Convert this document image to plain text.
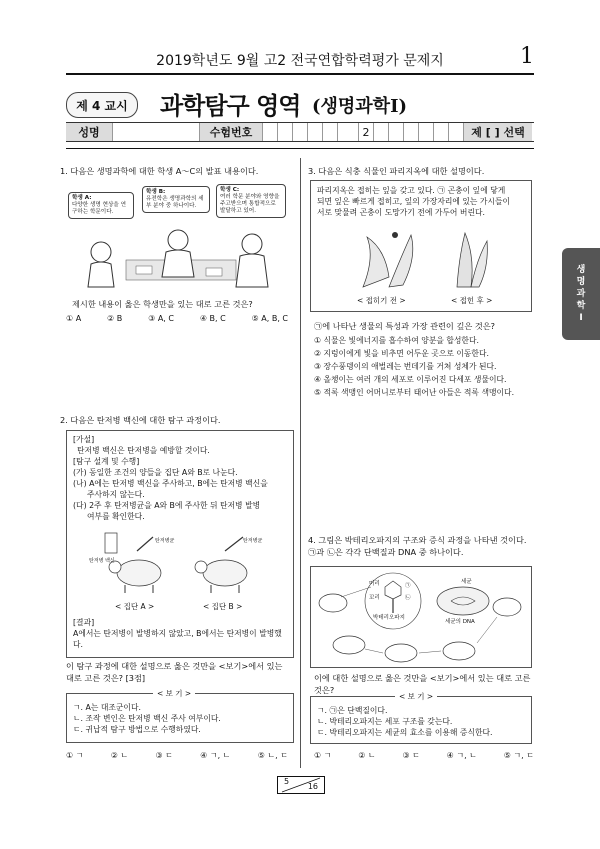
2019학년도 9월 고2 전국연합학력평가 문제지	1
제 4 교시	과학탐구 영역 (생명과학Ⅰ)
성명	수험번호	2	제 [ ] 선택
생
명
과
학
Ⅰ
1. 다음은 생명과학에 대한 학생 A～C의 발표 내용이다.
학생 A:
다양한 생명 현상을 연구하는 학문이다.
학생 B:
유전학은 생명과학의 세부 분야 중 하나이다.
학생 C:
여러 학문 분야와 영향을 주고받으며 통합적으로 발달하고 있어.
제시한 내용이 옳은 학생만을 있는 대로 고른 것은?
① A	② B	③ A, C	④ B, C	⑤ A, B, C
2. 다음은 탄저병 백신에 대한 탐구 과정이다.
[가설]
탄저병 백신은 탄저병을 예방할 것이다.
[탐구 설계 및 수행]
(가) 동일한 조건의 양들을 집단 A와 B로 나눈다.
(나) A에는 탄저병 백신을 주사하고, B에는 탄저병 백신을
주사하지 않는다.
(다) 2주 후 탄저병균을 A와 B에 주사한 뒤 탄저병 발병
여부를 확인한다.
탄저병 백신
탄저병균	탄저병균
< 집단 A >	< 집단 B >
[결과]
A에서는 탄저병이 발병하지 않았고, B에서는 탄저병이 발병했다.
이 탐구 과정에 대한 설명으로 옳은 것만을 <보기>에서 있는 대로 고른 것은? [3점]
< 보 기 >
ㄱ. A는 대조군이다.
ㄴ. 조작 변인은 탄저병 백신 주사 여부이다.
ㄷ. 귀납적 탐구 방법으로 수행하였다.
① ㄱ	② ㄴ	③ ㄷ	④ ㄱ, ㄴ	⑤ ㄴ, ㄷ
3. 다음은 식충 식물인 파리지옥에 대한 설명이다.
파리지옥은 접히는 잎을 갖고 있다. ㉠ 곤충이 잎에 닿게
되면 잎은 빠르게 접히고, 잎의 가장자리에 있는 가시들이
서로 맞물려 곤충이 도망가기 전에 가두어 버린다.
< 접히기 전 >	< 접힌 후 >
㉠에 나타난 생물의 특성과 가장 관련이 깊은 것은?
① 식물은 빛에너지를 흡수하여 양분을 합성한다.
② 지렁이에게 빛을 비추면 어두운 곳으로 이동한다.
③ 장수풍뎅이의 애벌레는 번데기를 거쳐 성체가 된다.
④ 올챙이는 여러 개의 세포로 이루어진 다세포 생물이다.
⑤ 적록 색맹인 어머니로부터 태어난 아들은 적록 색맹이다.
4. 그림은 박테리오파지의 구조와 증식 과정을 나타낸 것이다. ㉠과 ㉡은 각각 단백질과 DNA 중 하나이다.
머리
꼬리
㉠
㉡
박테리오파지
세균
세균의 DNA
이에 대한 설명으로 옳은 것만을 <보기>에서 있는 대로 고른 것은?
< 보 기 >
ㄱ. ㉠은 단백질이다.
ㄴ. 박테리오파지는 세포 구조를 갖는다.
ㄷ. 박테리오파지는 세균의 효소를 이용해 증식한다.
① ㄱ	② ㄴ	③ ㄷ	④ ㄱ, ㄴ	⑤ ㄱ, ㄷ
5
16
